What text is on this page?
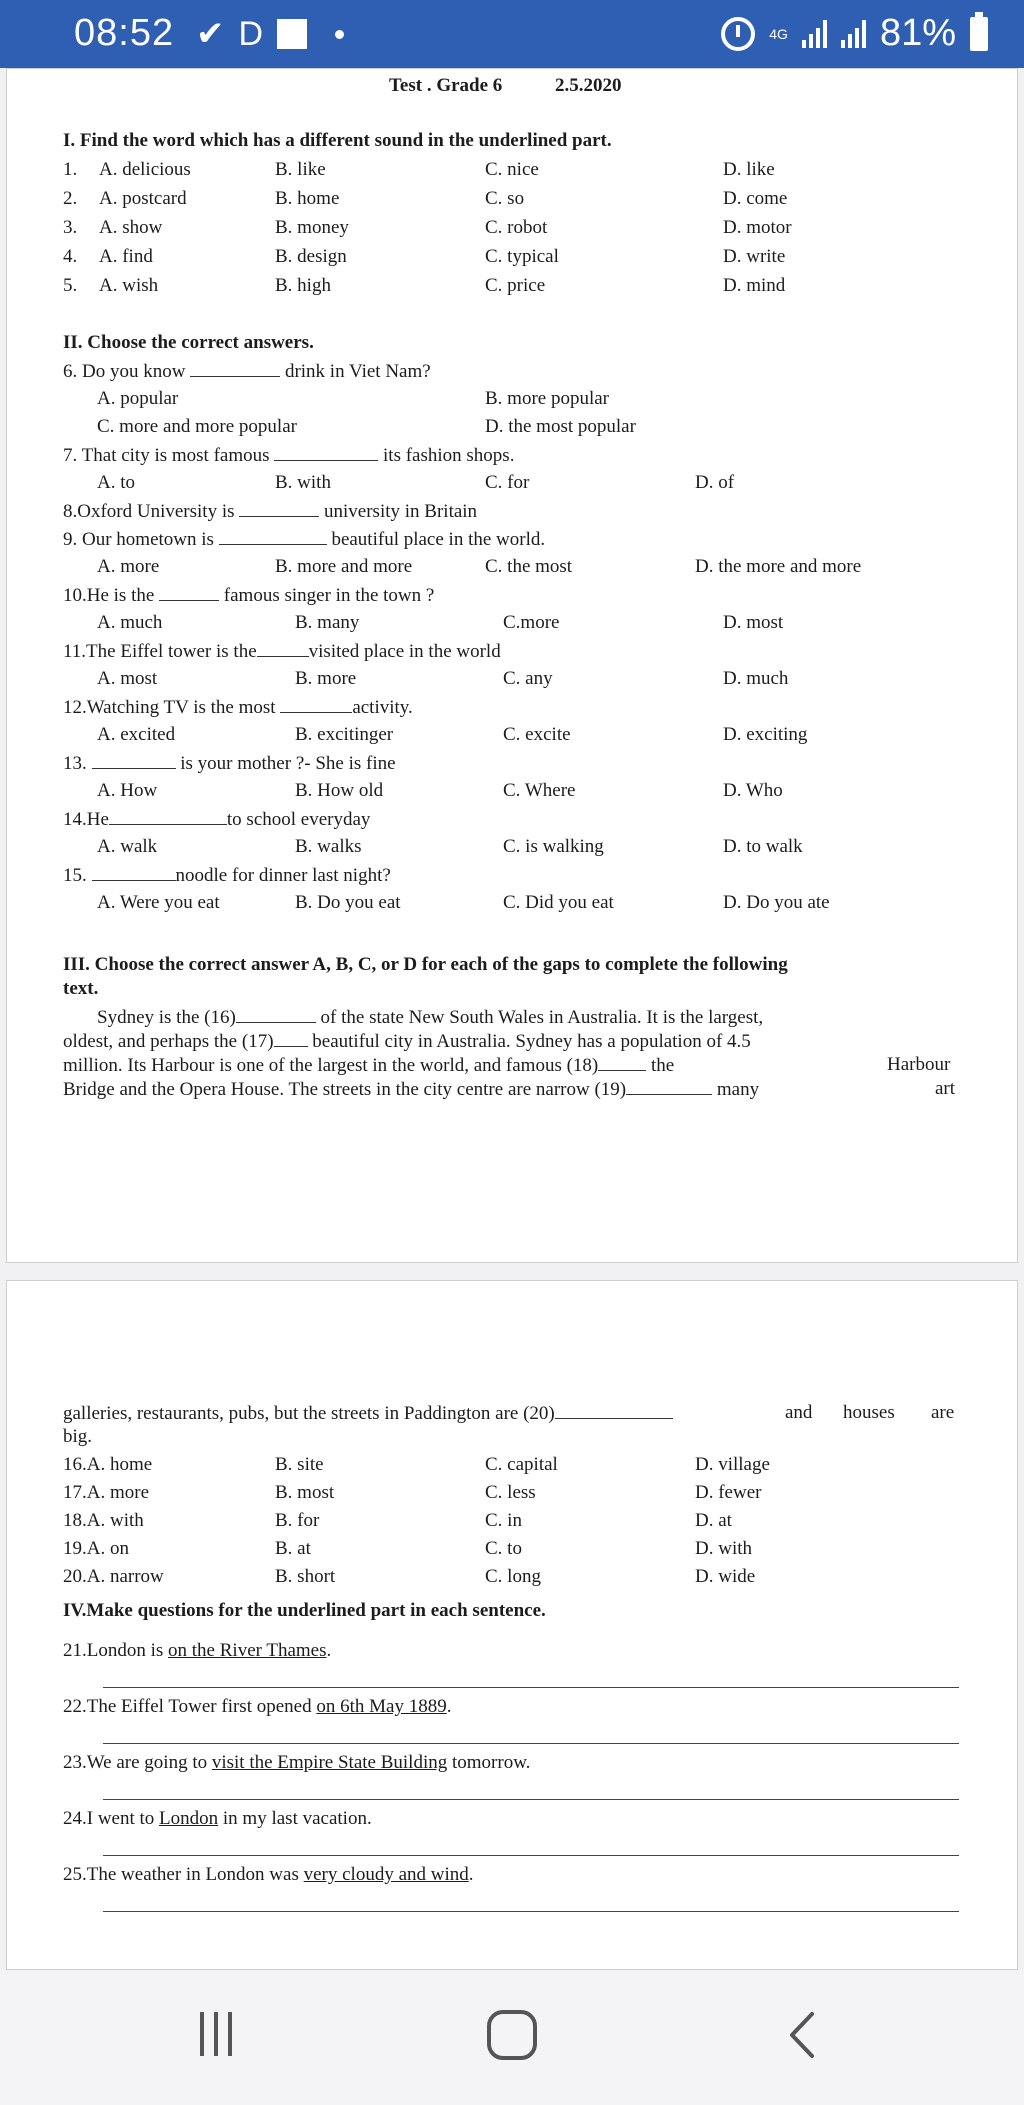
08:52 ✔ D	4G 81%
Test . Grade 6	2.5.2020
I. Find the word which has a different sound in the underlined part.
1. A. delicious	B. like	C. nice	D. like
2. A. postcard	B. home	C. so	D. come
3. A. show	B. money	C. robot	D. motor
4. A. find	B. design	C. typical	D. write
5. A. wish	B. high	C. price	D. mind
II. Choose the correct answers.
6. Do you know	drink in Viet Nam?
A. popular	B. more popular
C. more and more popular	D. the most popular
7. That city is most famous	its fashion shops.
A. to	B. with	C. for	D. of
8.Oxford University is	university in Britain
9. Our hometown is	beautiful place in the world.
A. more	B. more and more	C. the most	D. the more and more
10.He is the	famous singer in the town ?
A. much	B. many	C.more	D. most
11.The Eiffel tower is the	visited place in the world
A. most	B. more	C. any	D. much
12.Watching TV is the most	activity.
A. excited	B. excitinger	C. excite	D. exciting
13.	is your mother ?- She is fine
A. How	B. How old	C. Where	D. Who
14.He	to school everyday
A. walk	B. walks	C. is walking	D. to walk
15.	noodle for dinner last night?
A. Were you eat	B. Do you eat	C. Did you eat	D. Do you ate
III. Choose the correct answer A, B, C, or D for each of the gaps to complete the following
text.
Sydney is the (16)	of the state New South Wales in Australia. It is the largest,
oldest, and perhaps the (17) beautiful city in Australia. Sydney has a population of 4.5
million. Its Harbour is one of the largest in the world, and famous (18)	the	Harbour
Bridge and the Opera House. The streets in the city centre are narrow (19)	many	art
galleries, restaurants, pubs, but the streets in Paddington are (20)	and houses are
big.
16.A. home	B. site	C. capital	D. village
17.A. more	B. most	C. less	D. fewer
18.A. with	B. for	C. in	D. at
19.A. on	B. at	C. to	D. with
20.A. narrow	B. short	C. long	D. wide
IV.Make questions for the underlined part in each sentence.
21.London is on the River Thames.
22.The Eiffel Tower first opened on 6th May 1889.
23.We are going to visit the Empire State Building tomorrow.
24.I went to London in my last vacation.
25.The weather in London was very cloudy and wind.
